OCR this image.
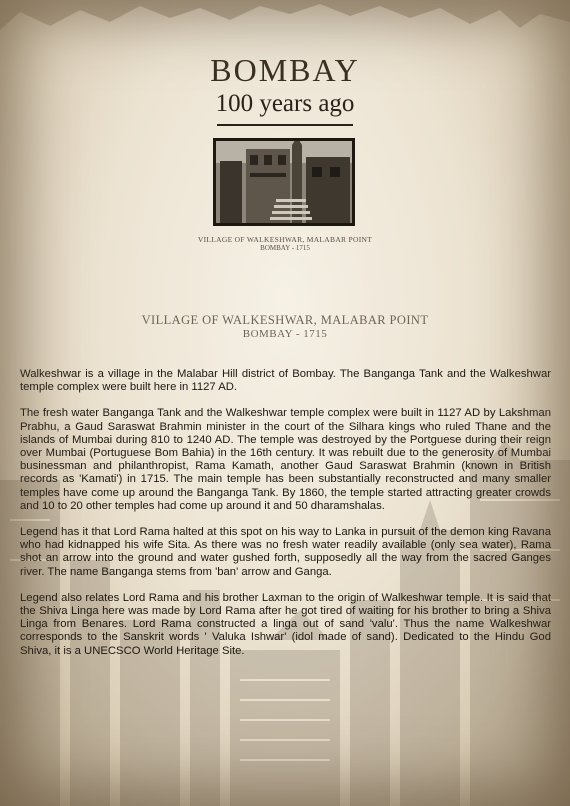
BOMBAY
100 years ago
VILLAGE OF WALKESHWAR, MALABAR POINT
BOMBAY - 1715
VILLAGE OF WALKESHWAR, MALABAR POINT
BOMBAY - 1715

Walkeshwar is a village in the Malabar Hill district of Bombay. The Banganga Tank and the Walkeshwar temple complex were built here in 1127 AD.

The fresh water Banganga Tank and the Walkeshwar temple complex were built in 1127 AD by Lakshman Prabhu, a Gaud Saraswat Brahmin minister in the court of the Silhara kings who ruled Thane and the islands of Mumbai during 810 to 1240 AD. The temple was destroyed by the Portguese during their reign over Mumbai (Portuguese Bom Bahia) in the 16th century. It was rebuilt due to the generosity of Mumbai businessman and philanthropist, Rama Kamath, another Gaud Saraswat Brahmin (known in British records as 'Kamati') in 1715. The main temple has been substantially reconstructed and many smaller temples have come up around the Banganga Tank. By 1860, the temple started attracting greater crowds and 10 to 20 other temples had come up around it and 50 dharamshalas.

Legend has it that Lord Rama halted at this spot on his way to Lanka in pursuit of the demon king Ravana who had kidnapped his wife Sita. As there was no fresh water readily available (only sea water), Rama shot an arrow into the ground and water gushed forth, supposedly all the way from the sacred Ganges river. The name Banganga stems from 'ban' arrow and Ganga.

Legend also relates Lord Rama and his brother Laxman to the origin of Walkeshwar temple. It is said that the Shiva Linga here was made by Lord Rama after he got tired of waiting for his brother to bring a Shiva Linga from Benares. Lord Rama constructed a linga out of sand 'valu'. Thus the name Walkeshwar corresponds to the Sanskrit words ' Valuka Ishwar' (idol made of sand). Dedicated to the Hindu God Shiva, it is a UNECSCO World Heritage Site.
